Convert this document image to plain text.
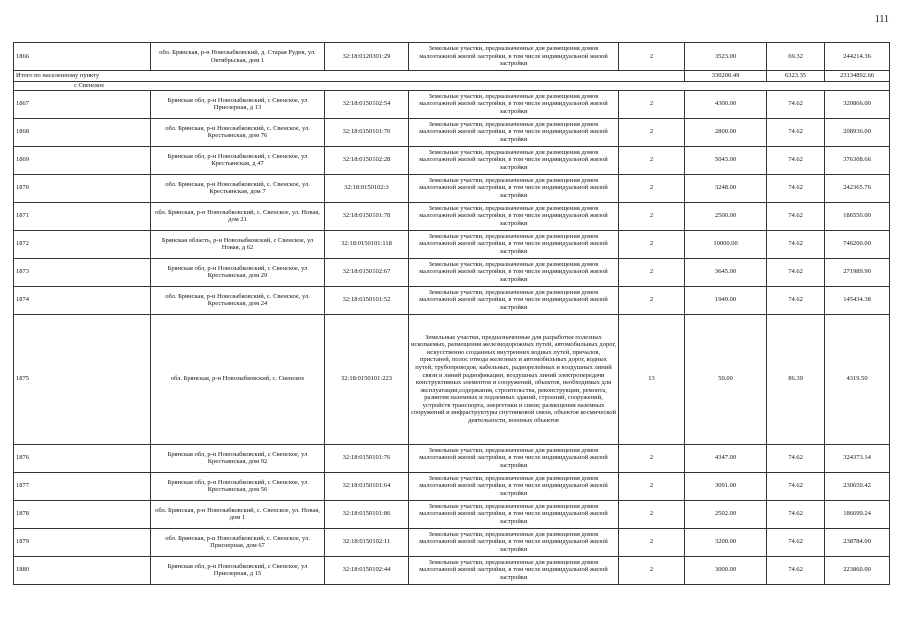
111
1866	обл. Брянская, р-н Новозыбковский, д. Старая Рудня, ул. Октябрьская, дом 1	32:18:0120301:29	Земельные участки, предназначенные для размещения домов малоэтажной жилой застройки, в том числе индивидуальной жилой застройки	2	3523.00	69.32	244214.36
Итого по населенному пункту					330200.49	6323.35	23134892.66
с Свенское							
1867	Брянская обл, р-н Новозыбковский, с Свенское, ул Приозерная, д 13	32:18:0150102:54	Земельные участки, предназначенные для размещения домов малоэтажной жилой застройки, в том числе индивидуальной жилой застройки	2	4300.00	74.62	320866.00
1868	обл. Брянская, р-н Новозыбковский, с. Свенское, ул. Крестьянская, дом 76	32:18:0150101:70	Земельные участки, предназначенные для размещения домов малоэтажной жилой застройки, в том числе индивидуальной жилой застройки	2	2800.00	74.62	208936.00
1869	Брянская обл, р-н Новозыбковский, с Свенское, ул Крестьянская, д 47	32:18:0150102:28	Земельные участки, предназначенные для размещения домов малоэтажной жилой застройки, в том числе индивидуальной жилой застройки	2	5043.00	74.62	376308.66
1870	обл. Брянская, р-н Новозыбковский, с. Свенское, ул. Крестьянская, дом 7	32:18:0150102:3	Земельные участки, предназначенные для размещения домов малоэтажной жилой застройки, в том числе индивидуальной жилой застройки	2	3248.00	74.62	242365.76
1871	обл. Брянская, р-н Новозыбковский, с. Свенское, ул. Новая, дом 21	32:18:0150101:78	Земельные участки, предназначенные для размещения домов малоэтажной жилой застройки, в том числе индивидуальной жилой застройки	2	2500.00	74.62	186550.00
1872	Брянская область, р-н Новозыбковский, с Свенское, ул Новая, д 62	32:18:0150101:118	Земельные участки, предназначенные для размещения домов малоэтажной жилой застройки, в том числе индивидуальной жилой застройки	2	10000.00	74.62	746200.00
1873	Брянская обл, р-н Новозыбковский, с Свенское, ул Крестьянская, дом 29	32:18:0150102:67	Земельные участки, предназначенные для размещения домов малоэтажной жилой застройки, в том числе индивидуальной жилой застройки	2	3645.00	74.62	271989.90
1874	обл. Брянская, р-н Новозыбковский, с. Свенское, ул. Крестьянская, дом 24	32:18:0150101:52	Земельные участки, предназначенные для размещения домов малоэтажной жилой застройки, в том числе индивидуальной жилой застройки	2	1949.00	74.62	145434.38
1875	обл. Брянская, р-н Новозыбковский, с. Свенское	32:18:0150101:223	Земельные участки, предназначенные для разработки полезных ископаемых, размещения железнодорожных путей, автомобильных дорог, искусственно созданных внутренних водных путей, причалов, пристаней, полос отвода железных и автомобильных дорог, водных путей, трубопроводов, кабельных, радиорелейных и воздушных линий связи и линий радиофикации, воздушных линий электропередачи конструктивных элементов и сооружений, объектов, необходимых для эксплуатации,содержания, строительства, реконструкции, ремонта, развития наземных и подземных зданий, строений, сооружений, устройств транспорта, энергетики и связи; размещения наземных сооружений и инфраструктуры спутниковой связи, объектов космической деятельности, военных объектов	13	50.00	86.39	4319.50
1876	Брянская обл, р-н Новозыбковский, с Свенское, ул Крестьянская, дом 92	32:18:0150101:76	Земельные участки, предназначенные для размещения домов малоэтажной жилой застройки, в том числе индивидуальной жилой застройки	2	4347.00	74.62	324373.14
1877	Брянская обл, р-н Новозыбковский, с Свенское, ул Крестьянская, дом 56	32:18:0150101:64	Земельные участки, предназначенные для размещения домов малоэтажной жилой застройки, в том числе индивидуальной жилой застройки	2	3091.00	74.62	230650.42
1878	обл. Брянская, р-н Новозыбковский, с. Свенское, ул. Новая, дом 1	32:18:0150101:86	Земельные участки, предназначенные для размещения домов малоэтажной жилой застройки, в том числе индивидуальной жилой застройки	2	2502.00	74.62	186699.24
1879	обл. Брянская, р-н Новозыбковский, с. Свенское, ул. Приозерная, дом 67	32:18:0150102:11	Земельные участки, предназначенные для размещения домов малоэтажной жилой застройки, в том числе индивидуальной жилой застройки	2	3200.00	74.62	238784.00
1880	Брянская обл, р-н Новозыбковский, с Свенское, ул Приозерная, д 15	32:18:0150102:44	Земельные участки, предназначенные для размещения домов малоэтажной жилой застройки, в том числе индивидуальной жилой застройки	2	3000.00	74.62	223860.00
